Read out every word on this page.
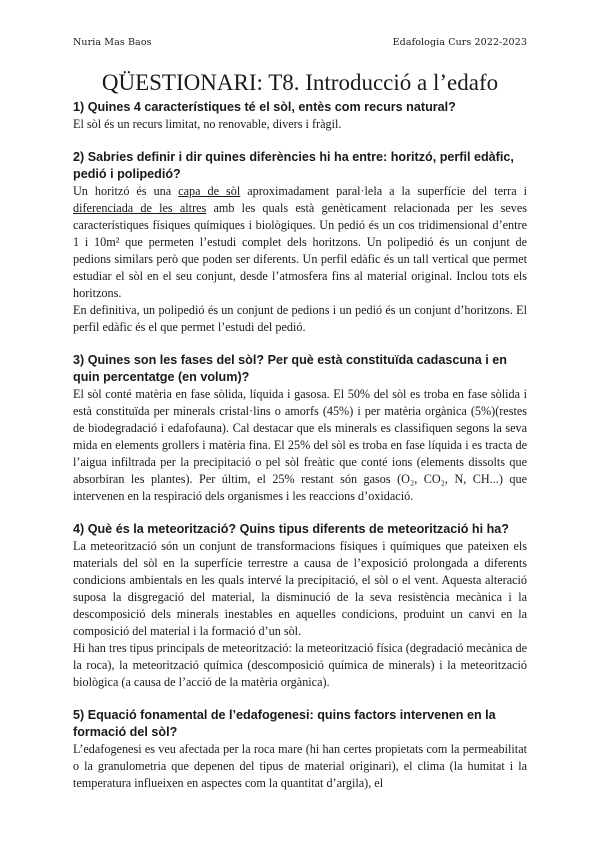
Nuria Mas Baos	Edafologia Curs 2022-2023
QÜESTIONARI: T8. Introducció a l’edafo

1) Quines 4 característiques té el sòl, entès com recurs natural?

El sòl és un recurs limitat, no renovable, divers i fràgil.

2) Sabries definir i dir quines diferències hi ha entre: horitzó, perfil edàfic, pedió i polipedió?

Un horitzó és una capa de sòl aproximadament paral·lela a la superfície del terra i diferenciada de les altres amb les quals està genèticament relacionada per les seves característiques físiques químiques i biològiques. Un pedió és un cos tridimensional d’entre 1 i 10m² que permeten l’estudi complet dels horitzons. Un polipedió és un conjunt de pedions similars però que poden ser diferents. Un perfil edàfic és un tall vertical que permet estudiar el sòl en el seu conjunt, desde l’atmosfera fins al material original. Inclou tots els horitzons.

En definitiva, un polipedió és un conjunt de pedions i un pedió és un conjunt d’horitzons. El perfil edàfic és el que permet l’estudi del pedió.

3) Quines son les fases del sòl? Per què està constituïda cadascuna i en quin percentatge (en volum)?

El sòl conté matèria en fase sòlida, líquida i gasosa. El 50% del sòl es troba en fase sòlida i està constituïda per minerals cristal·lins o amorfs (45%) i per matèria orgànica (5%)(restes de biodegradació i edafofauna). Cal destacar que els minerals es classifiquen segons la seva mida en elements grollers i matèria fina. El 25% del sòl es troba en fase líquida i es tracta de l’aigua infiltrada per la precipitació o pel sòl freàtic que conté ions (elements dissolts que absorbiran les plantes). Per últim, el 25% restant són gasos (O₂, CO₂, N, CH...) que intervenen en la respiració dels organismes i les reaccions d’oxidació.

4) Què és la meteorització? Quins tipus diferents de meteorització hi ha?

La meteorització són un conjunt de transformacions físiques i químiques que pateixen els materials del sòl en la superfície terrestre a causa de l’exposició prolongada a diferents condicions ambientals en les quals intervé la precipitació, el sòl o el vent. Aquesta alteració suposa la disgregació del material, la disminució de la seva resistència mecànica i la descomposició dels minerals inestables en aquelles condicions, produint un canvi en la composició del material i la formació d’un sòl.

Hi han tres tipus principals de meteorització: la meteorització física (degradació mecànica de la roca), la meteorització química (descomposició química de minerals) i la meteorització biològica (a causa de l’acció de la matèria orgànica).

5) Equació fonamental de l’edafogenesi: quins factors intervenen en la formació del sòl?

L’edafogenesi es veu afectada per la roca mare (hi han certes propietats com la permeabilitat o la granulometria que depenen del tipus de material originari), el clima (la humitat i la temperatura influeixen en aspectes com la quantitat d’argila), el
